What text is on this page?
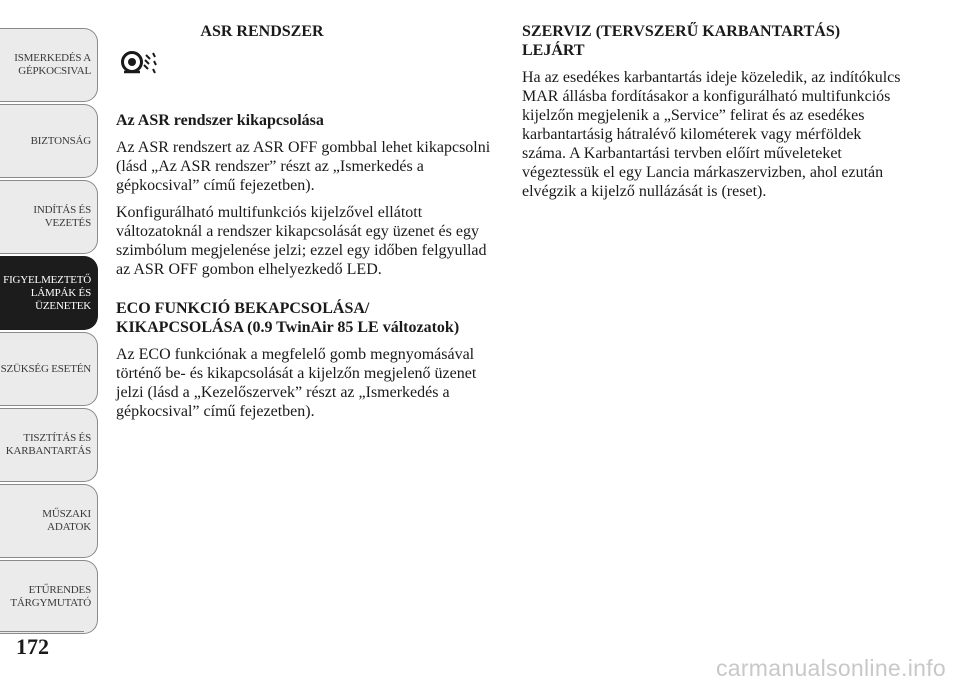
ISMERKEDÉS A
GÉPKOCSIVAL
BIZTONSÁG
INDÍTÁS ÉS
VEZETÉS
FIGYELMEZTETŐ
LÁMPÁK ÉS
ÜZENETEK
SZÜKSÉG ESETÉN
TISZTÍTÁS ÉS
KARBANTARTÁS
MŰSZAKI ADATOK
ETŰRENDES
TÁRGYMUTATÓ
172
ASR RENDSZER

Az ASR rendszer kikapcsolása

Az ASR rendszert az ASR OFF gombbal lehet kikapcsolni (lásd „Az ASR rendszer” részt az „Ismerkedés a gépkocsival” című fejezetben).

Konfigurálható multifunkciós kijelzővel ellátott változatoknál a rendszer kikapcsolását egy üzenet és egy szimbólum megjelenése jelzi; ezzel egy időben felgyullad az ASR OFF gombon elhelyezkedő LED.

ECO FUNKCIÓ BEKAPCSOLÁSA/ KIKAPCSOLÁSA (0.9 TwinAir 85 LE változatok)

Az ECO funkciónak a megfelelő gomb megnyomásával történő be- és kikapcsolását a kijelzőn megjelenő üzenet jelzi (lásd a „Kezelőszervek” részt az „Ismerkedés a gépkocsival” című fejezetben).

SZERVIZ (TERVSZERŰ KARBANTARTÁS) LEJÁRT

Ha az esedékes karbantartás ideje közeledik, az indítókulcs MAR állásba fordításakor a konfigurálható multifunkciós kijelzőn megjelenik a „Service” felirat és az esedékes karbantartásig hátralévő kilométerek vagy mérföldek száma. A Karbantartási tervben előírt műveleteket végeztessük el egy Lancia márkaszervizben, ahol ezután elvégzik a kijelző nullázását is (reset).

carmanualsonline.info
